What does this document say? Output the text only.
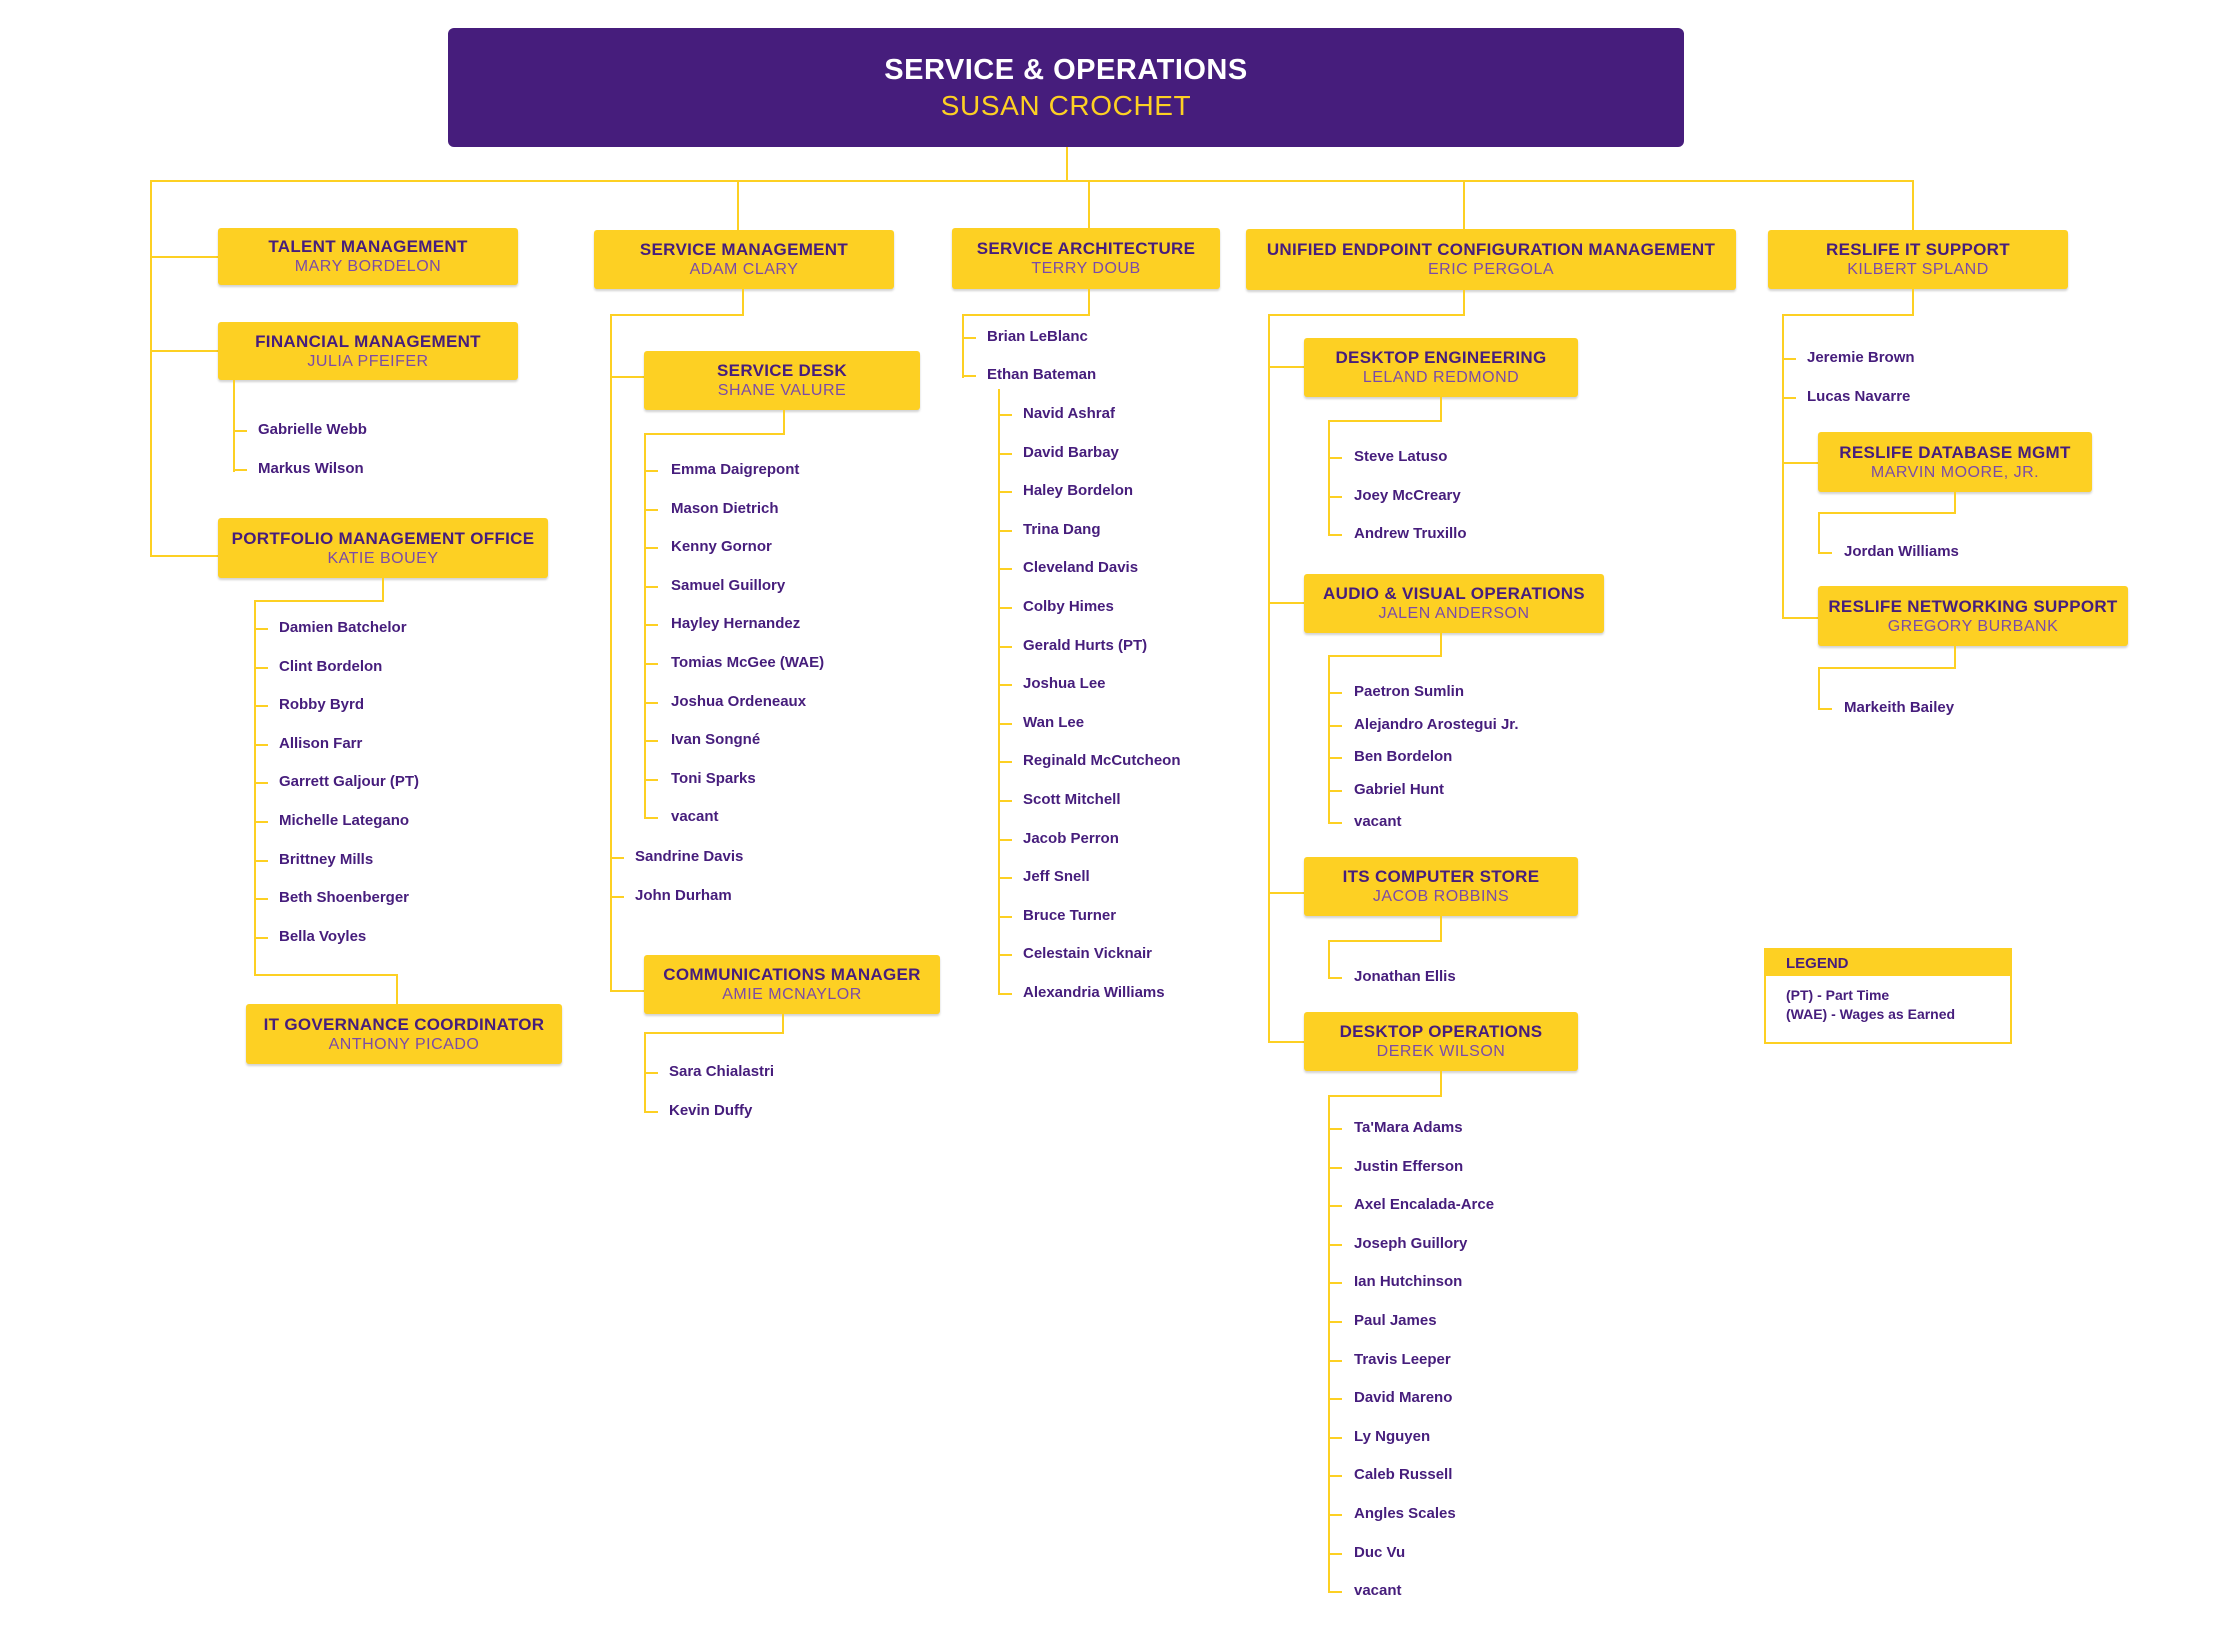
SERVICE & OPERATIONS
SUSAN CROCHET
LEGEND
(PT) - Part Time
(WAE) - Wages as Earned
TALENT MANAGEMENT
MARY BORDELON
FINANCIAL MANAGEMENT
JULIA PFEIFER
Gabrielle Webb
Markus Wilson
PORTFOLIO MANAGEMENT OFFICE
KATIE BOUEY
Damien Batchelor
Clint Bordelon
Robby Byrd
Allison Farr
Garrett Galjour (PT)
Michelle Lategano
Brittney Mills
Beth Shoenberger
Bella Voyles
IT GOVERNANCE COORDINATOR
ANTHONY PICADO
SERVICE MANAGEMENT
ADAM CLARY
SERVICE DESK
SHANE VALURE
Emma Daigrepont
Mason Dietrich
Kenny Gornor
Samuel Guillory
Hayley Hernandez
Tomias McGee (WAE)
Joshua Ordeneaux
Ivan Songné
Toni Sparks
vacant
Sandrine Davis
John Durham
COMMUNICATIONS MANAGER
AMIE MCNAYLOR
Sara Chialastri
Kevin Duffy
SERVICE ARCHITECTURE
TERRY DOUB
Brian LeBlanc
Ethan Bateman
Navid Ashraf
David Barbay
Haley Bordelon
Trina Dang
Cleveland Davis
Colby Himes
Gerald Hurts (PT)
Joshua Lee
Wan Lee
Reginald McCutcheon
Scott Mitchell
Jacob Perron
Jeff Snell
Bruce Turner
Celestain Vicknair
Alexandria Williams
UNIFIED ENDPOINT CONFIGURATION MANAGEMENT
ERIC PERGOLA
DESKTOP ENGINEERING
LELAND REDMOND
Steve Latuso
Joey McCreary
Andrew Truxillo
AUDIO & VISUAL OPERATIONS
JALEN ANDERSON
Paetron Sumlin
Alejandro Arostegui Jr.
Ben Bordelon
Gabriel Hunt
vacant
ITS COMPUTER STORE
JACOB ROBBINS
Jonathan Ellis
DESKTOP OPERATIONS
DEREK WILSON
Ta'Mara Adams
Justin Efferson
Axel Encalada-Arce
Joseph Guillory
Ian Hutchinson
Paul James
Travis Leeper
David Mareno
Ly Nguyen
Caleb Russell
Angles Scales
Duc Vu
vacant
RESLIFE IT SUPPORT
KILBERT SPLAND
Jeremie Brown
Lucas Navarre
RESLIFE DATABASE MGMT
MARVIN MOORE, JR.
Jordan Williams
RESLIFE NETWORKING SUPPORT
GREGORY BURBANK
Markeith Bailey
